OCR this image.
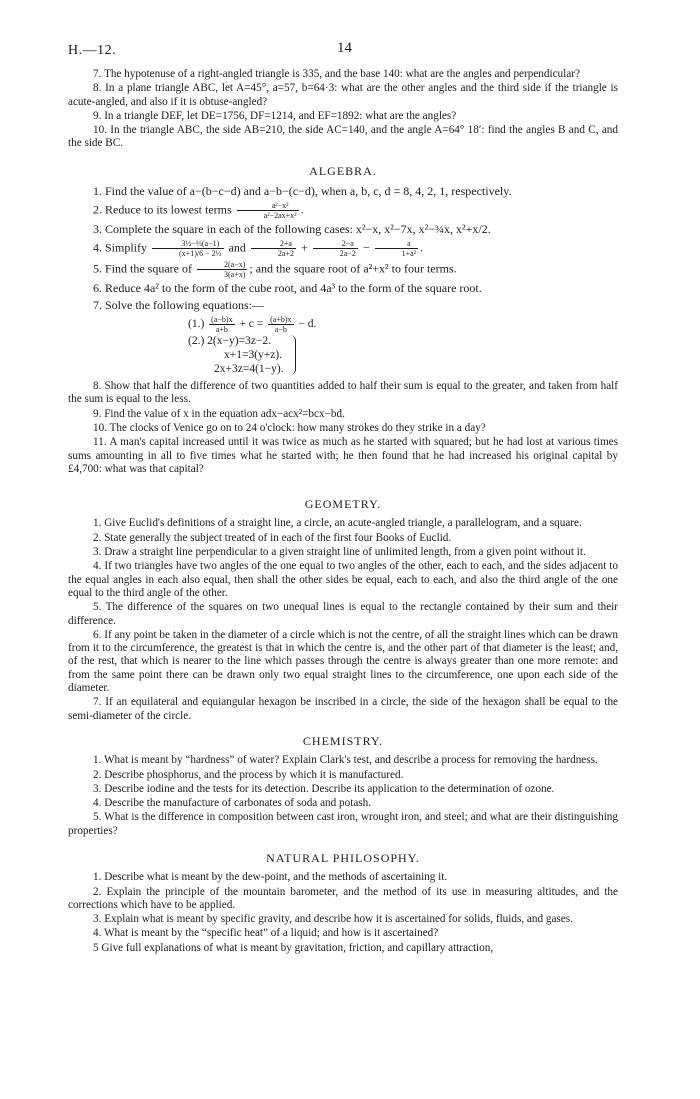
H.—12.	14

7. The hypotenuse of a right-angled triangle is 335, and the base 140: what are the angles and perpendicular?

8. In a plane triangle ABC, let A=45°, a=57, b=64·3: what are the other angles and the third side if the triangle is acute-angled, and also if it is obtuse-angled?

9. In a triangle DEF, let DE=1756, DF=1214, and EF=1892: what are the angles?

10. In the triangle ABC, the side AB=210, the side AC=140, and the angle A=64° 18′: find the angles B and C, and the side BC.

ALGEBRA.

1. Find the value of a−(b−c−d) and a−b−(c−d), when a, b, c, d = 8, 4, 2, 1, respectively.

2. Reduce to its lowest terms $\frac{\text{a²−x²}}{\text{a²−2ax+x²}}$ .

3. Complete the square in each of the following cases: x²−x, x²−7x, x²−¾x, x²+x/2.

4. Simplify $\frac{\text{3½−⅓(a−1)}}{\text{(x+1)/6 − 2⅓}}$ and $\frac{2+a}{2a+2} + \frac{2-a}{2a-2} - \frac{a}{\text{1+a²}}$ .

5. Find the square of $\frac{2(a-x)}{3(a+x)}$ ; and the square root of a²+x² to four terms.

6. Reduce 4a² to the form of the cube root, and 4a³ to the form of the square root.

7. Solve the following equations:—

$(1.) \frac{(a-b)x}{a+b} + c = \frac{(a+b)x}{a-b} - d$.
(2.) 2(x−y)=3z−2.
x+1=3(y+z).
2x+3z=4(1−y).

8. Show that half the difference of two quantities added to half their sum is equal to the greater, and taken from half the sum is equal to the less.

9. Find the value of x in the equation adx−acx²=bcx−bd.

10. The clocks of Venice go on to 24 o'clock: how many strokes do they strike in a day?

11. A man's capital increased until it was twice as much as he started with squared; but he had lost at various times sums amounting in all to five times what he started with; he then found that he had increased his original capital by £4,700: what was that capital?

GEOMETRY.

1. Give Euclid's definitions of a straight line, a circle, an acute-angled triangle, a parallelogram, and a square.

2. State generally the subject treated of in each of the first four Books of Euclid.

3. Draw a straight line perpendicular to a given straight line of unlimited length, from a given point without it.

4. If two triangles have two angles of the one equal to two angles of the other, each to each, and the sides adjacent to the equal angles in each also equal, then shall the other sides be equal, each to each, and also the third angle of the one equal to the third angle of the other.

5. The difference of the squares on two unequal lines is equal to the rectangle contained by their sum and their difference.

6. If any point be taken in the diameter of a circle which is not the centre, of all the straight lines which can be drawn from it to the circumference, the greatest is that in which the centre is, and the other part of that diameter is the least; and, of the rest, that which is nearer to the line which passes through the centre is always greater than one more remote: and from the same point there can be drawn only two equal straight lines to the circumference, one upon each side of the diameter.

7. If an equilateral and equiangular hexagon be inscribed in a circle, the side of the hexagon shall be equal to the semi-diameter of the circle.

CHEMISTRY.

1. What is meant by “hardness” of water? Explain Clark's test, and describe a process for removing the hardness.

2. Describe phosphorus, and the process by which it is manufactured.

3. Describe iodine and the tests for its detection. Describe its application to the determination of ozone.

4. Describe the manufacture of carbonates of soda and potash.

5. What is the difference in composition between cast iron, wrought iron, and steel; and what are their distinguishing properties?

NATURAL PHILOSOPHY.

1. Describe what is meant by the dew-point, and the methods of ascertaining it.

2. Explain the principle of the mountain barometer, and the method of its use in measuring altitudes, and the corrections which have to be applied.

3. Explain what is meant by specific gravity, and describe how it is ascertained for solids, fluids, and gases.

4. What is meant by the “specific heat” of a liquid; and how is it ascertained?

5 Give full explanations of what is meant by gravitation, friction, and capillary attraction,
